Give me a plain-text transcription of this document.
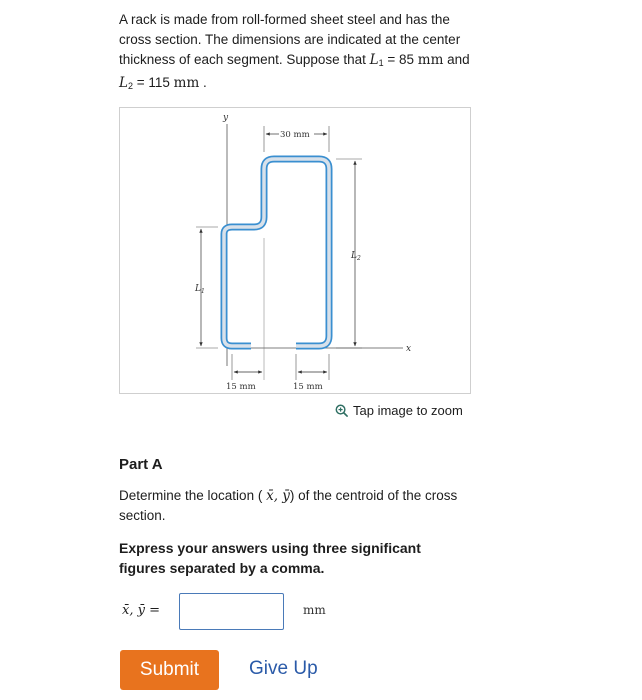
A rack is made from roll-formed sheet steel and has the
cross section. The dimensions are indicated at the center
thickness of each segment. Suppose that $L_1 = 85$ mm and
$L_2 = 115$ mm .
y
x
30 mm
$L_1$
$L_2$
15 mm	15 mm
Tap image to zoom
Part A
Determine the location ( x̄, ȳ) of the centroid of the cross
section.
Express your answers using three significant
figures separated by a comma.
x̄, ȳ =	mm
Submit	Give Up
